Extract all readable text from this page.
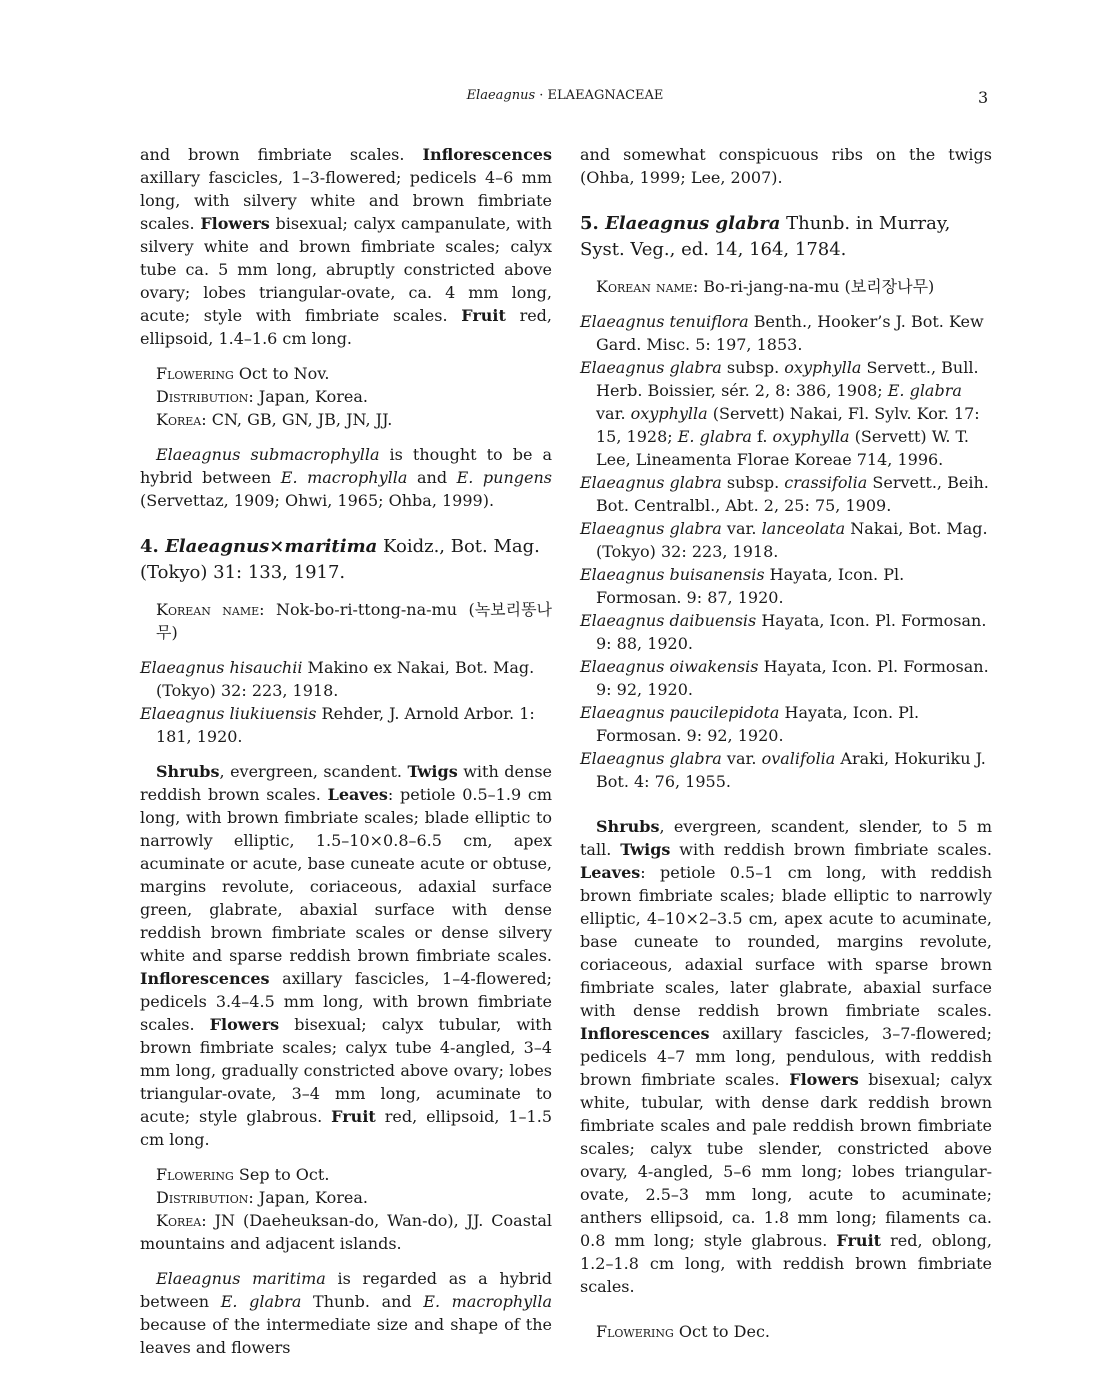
Elaeagnus · ELAEAGNACEAE	3

and brown fimbriate scales. Inflorescences axillary fascicles, 1–3-flowered; pedicels 4–6 mm long, with silvery white and brown fimbriate scales. Flowers bisexual; calyx campanulate, with silvery white and brown fimbriate scales; calyx tube ca. 5 mm long, abruptly constricted above ovary; lobes triangular-ovate, ca. 4 mm long, acute; style with fimbriate scales. Fruit red, ellipsoid, 1.4–1.6 cm long.

Flowering Oct to Nov.

Distribution: Japan, Korea.

Korea: CN, GB, GN, JB, JN, JJ.

Elaeagnus submacrophylla is thought to be a hybrid between E. macrophylla and E. pungens (Servettaz, 1909; Ohwi, 1965; Ohba, 1999).

4. Elaeagnus×maritima Koidz., Bot. Mag. (Tokyo) 31: 133, 1917.

Korean name: Nok-bo-ri-ttong-na-mu (녹보리똥나무)

Elaeagnus hisauchii Makino ex Nakai, Bot. Mag. (Tokyo) 32: 223, 1918.

Elaeagnus liukiuensis Rehder, J. Arnold Arbor. 1: 181, 1920.

Shrubs, evergreen, scandent. Twigs with dense reddish brown scales. Leaves: petiole 0.5–1.9 cm long, with brown fimbriate scales; blade elliptic to narrowly elliptic, 1.5–10×0.8–6.5 cm, apex acuminate or acute, base cuneate acute or obtuse, margins revolute, coriaceous, adaxial surface green, glabrate, abaxial surface with dense reddish brown fimbriate scales or dense silvery white and sparse reddish brown fimbriate scales. Inflorescences axillary fascicles, 1–4-flowered; pedicels 3.4–4.5 mm long, with brown fimbriate scales. Flowers bisexual; calyx tubular, with brown fimbriate scales; calyx tube 4-angled, 3–4 mm long, gradually constricted above ovary; lobes triangular-ovate, 3–4 mm long, acuminate to acute; style glabrous. Fruit red, ellipsoid, 1–1.5 cm long.

Flowering Sep to Oct.

Distribution: Japan, Korea.

Korea: JN (Daeheuksan-do, Wan-do), JJ. Coastal mountains and adjacent islands.

Elaeagnus maritima is regarded as a hybrid between E. glabra Thunb. and E. macrophylla because of the intermediate size and shape of the leaves and flowers

and somewhat conspicuous ribs on the twigs (Ohba, 1999; Lee, 2007).

5. Elaeagnus glabra Thunb. in Murray, Syst. Veg., ed. 14, 164, 1784.

Korean name: Bo-ri-jang-na-mu (보리장나무)

Elaeagnus tenuiflora Benth., Hooker’s J. Bot. Kew Gard. Misc. 5: 197, 1853.

Elaeagnus glabra subsp. oxyphylla Servett., Bull. Herb. Boissier, sér. 2, 8: 386, 1908; E. glabra var. oxyphylla (Servett) Nakai, Fl. Sylv. Kor. 17: 15, 1928; E. glabra f. oxyphylla (Servett) W. T. Lee, Lineamenta Florae Koreae 714, 1996.

Elaeagnus glabra subsp. crassifolia Servett., Beih. Bot. Centralbl., Abt. 2, 25: 75, 1909.

Elaeagnus glabra var. lanceolata Nakai, Bot. Mag. (Tokyo) 32: 223, 1918.

Elaeagnus buisanensis Hayata, Icon. Pl. Formosan. 9: 87, 1920.

Elaeagnus daibuensis Hayata, Icon. Pl. Formosan. 9: 88, 1920.

Elaeagnus oiwakensis Hayata, Icon. Pl. Formosan. 9: 92, 1920.

Elaeagnus paucilepidota Hayata, Icon. Pl. Formosan. 9: 92, 1920.

Elaeagnus glabra var. ovalifolia Araki, Hokuriku J. Bot. 4: 76, 1955.

Shrubs, evergreen, scandent, slender, to 5 m tall. Twigs with reddish brown fimbriate scales. Leaves: petiole 0.5–1 cm long, with reddish brown fimbriate scales; blade elliptic to narrowly elliptic, 4–10×2–3.5 cm, apex acute to acuminate, base cuneate to rounded, margins revolute, coriaceous, adaxial surface with sparse brown fimbriate scales, later glabrate, abaxial surface with dense reddish brown fimbriate scales. Inflorescences axillary fascicles, 3–7-flowered; pedicels 4–7 mm long, pendulous, with reddish brown fimbriate scales. Flowers bisexual; calyx white, tubular, with dense dark reddish brown fimbriate scales and pale reddish brown fimbriate scales; calyx tube slender, constricted above ovary, 4-angled, 5–6 mm long; lobes triangular-ovate, 2.5–3 mm long, acute to acuminate; anthers ellipsoid, ca. 1.8 mm long; filaments ca. 0.8 mm long; style glabrous. Fruit red, oblong, 1.2–1.8 cm long, with reddish brown fimbriate scales.

Flowering Oct to Dec.
